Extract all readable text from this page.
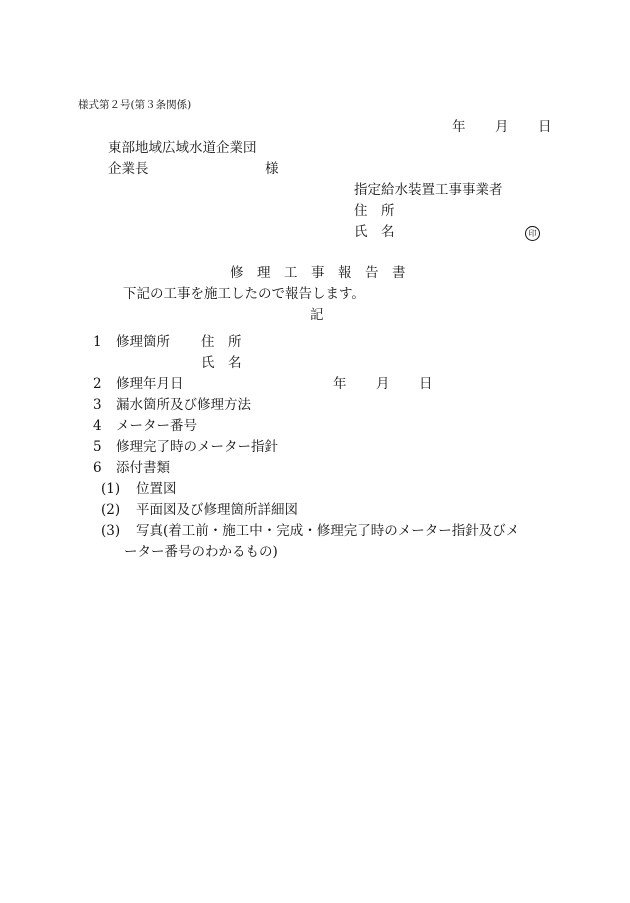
様式第２号(第３条関係)
年 月 日
東部地域広域水道企業団
企業長	様
指定給水装置工事事業者
住　所
氏　名	印
修　理　工　事　報　告　書
下記の工事を施工したので報告します。
記
1 修理箇所 住　所
氏　名
2 修理年月日	年 月 日
3 漏水箇所及び修理方法
4 メーター番号
5 修理完了時のメーター指針
6 添付書類
(1) 位置図
(2) 平面図及び修理箇所詳細図
(3) 写真(着工前・施工中・完成・修理完了時のメーター指針及びメ
ーター番号のわかるもの)
